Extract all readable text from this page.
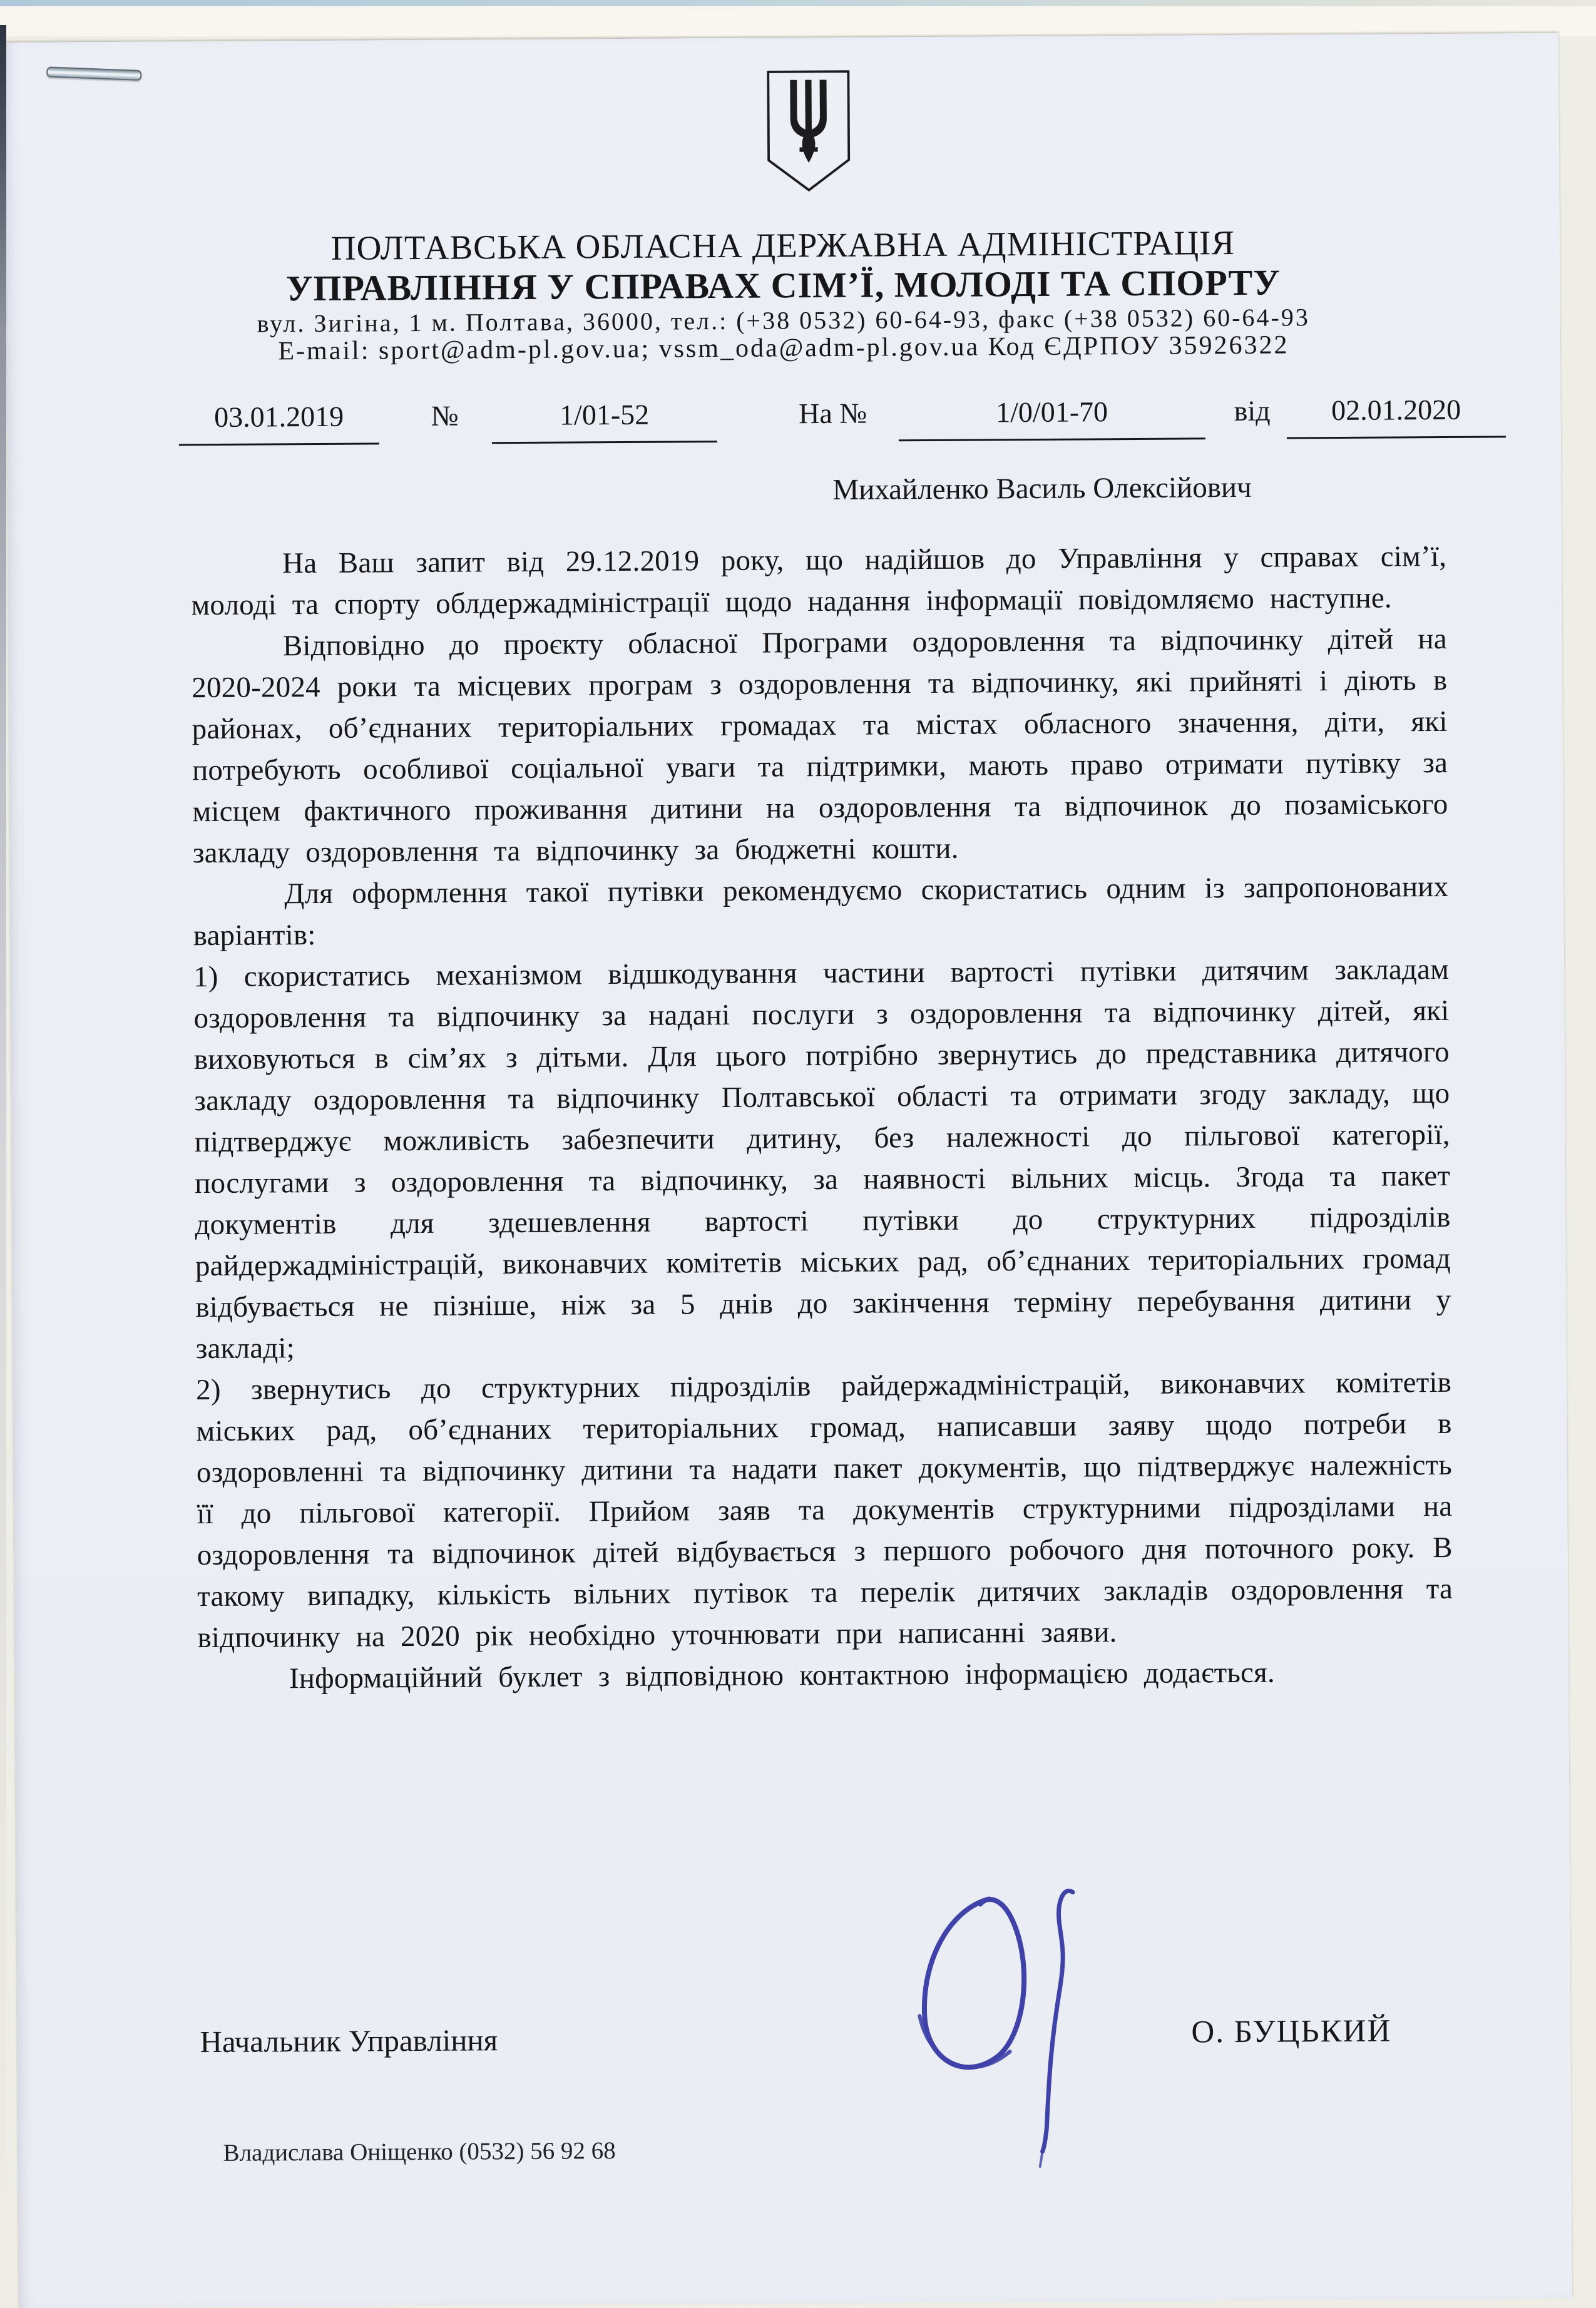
ПОЛТАВСЬКА ОБЛАСНА ДЕРЖАВНА АДМІНІСТРАЦІЯ
УПРАВЛІННЯ У СПРАВАХ СІМ’Ї, МОЛОДІ ТА СПОРТУ
вул. Зигіна, 1 м. Полтава, 36000, тел.: (+38 0532) 60-64-93, факс (+38 0532) 60-64-93
E-mail: sport@adm-pl.gov.ua; vssm_oda@adm-pl.gov.ua Код ЄДРПОУ 35926322
03.01.2019	№	1/01-52	На №	1/0/01-70	від	02.01.2020
Михайленко Василь Олексійович

На Ваш запит від 29.12.2019 року, що надійшов до Управління у справах сім’ї, молоді та спорту облдержадміністрації щодо надання інформації повідомляємо наступне.

Відповідно до проєкту обласної Програми оздоровлення та відпочинку дітей на 2020-2024 роки та місцевих програм з оздоровлення та відпочинку, які прийняті і діють в районах, об’єднаних територіальних громадах та містах обласного значення, діти, які потребують особливої соціальної уваги та підтримки, мають право отримати путівку за місцем фактичного проживання дитини на оздоровлення та відпочинок до позаміського закладу оздоровлення та відпочинку за бюджетні кошти.

Для оформлення такої путівки рекомендуємо скористатись одним із запропонованих варіантів:

1) скористатись механізмом відшкодування частини вартості путівки дитячим закладам оздоровлення та відпочинку за надані послуги з оздоровлення та відпочинку дітей, які виховуються в сім’ях з дітьми. Для цього потрібно звернутись до представника дитячого закладу оздоровлення та відпочинку Полтавської області та отримати згоду закладу, що підтверджує можливість забезпечити дитину, без належності до пільгової категорії, послугами з оздоровлення та відпочинку, за наявності вільних місць. Згода та пакет документів для здешевлення вартості путівки до структурних підрозділів райдержадміністрацій, виконавчих комітетів міських рад, об’єднаних територіальних громад відбувається не пізніше, ніж за 5 днів до закінчення терміну перебування дитини у закладі;

2) звернутись до структурних підрозділів райдержадміністрацій, виконавчих комітетів міських рад, об’єднаних територіальних громад, написавши заяву щодо потреби в оздоровленні та відпочинку дитини та надати пакет документів, що підтверджує належність її до пільгової категорії. Прийом заяв та документів структурними підрозділами на оздоровлення та відпочинок дітей відбувається з першого робочого дня поточного року. В такому випадку, кількість вільних путівок та перелік дитячих закладів оздоровлення та відпочинку на 2020 рік необхідно уточнювати при написанні заяви.

Інформаційний буклет з відповідною контактною інформацією додається.

Начальник Управління	О. БУЦЬКИЙ
Владислава Оніщенко (0532) 56 92 68
